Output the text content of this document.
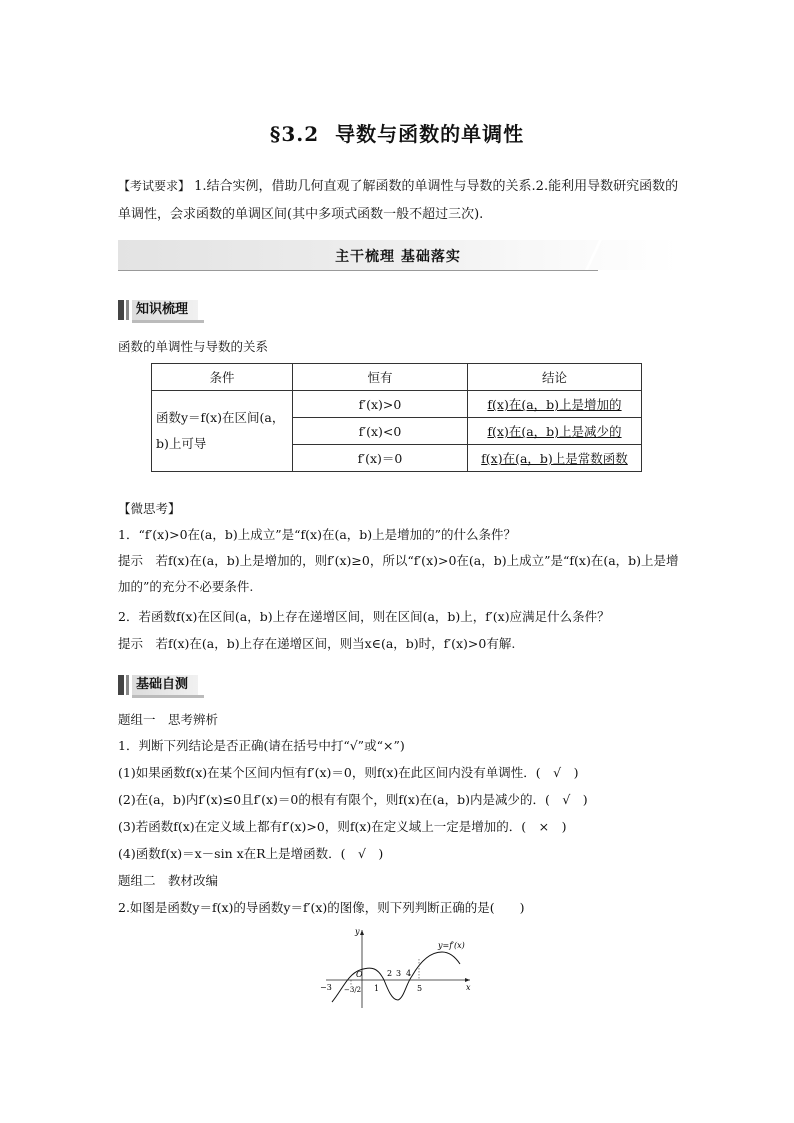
§3.2 导数与函数的单调性
【考试要求】 1.结合实例，借助几何直观了解函数的单调性与导数的关系.2.能利用导数研究函数的单调性，会求函数的单调区间(其中多项式函数一般不超过三次).
主干梳理 基础落实
知识梳理
函数的单调性与导数的关系
条件	恒有	结论
函数y＝f(x)在区间(a，b)上可导	f′(x)>0	f(x)在(a，b)上是增加的
	f′(x)<0	f(x)在(a，b)上是减少的
	f′(x)＝0	f(x)在(a，b)上是常数函数
【微思考】
1．“f′(x)>0在(a，b)上成立”是“f(x)在(a，b)上是增加的”的什么条件？
提示　若f(x)在(a，b)上是增加的，则f′(x)≥0，所以“f′(x)>0在(a，b)上成立”是“f(x)在(a，b)上是增加的”的充分不必要条件.
2．若函数f(x)在区间(a，b)上存在递增区间，则在区间(a，b)上，f′(x)应满足什么条件？
提示　若f(x)在(a，b)上存在递增区间，则当x∈(a，b)时，f′(x)>0有解.
基础自测
题组一　思考辨析
1．判断下列结论是否正确(请在括号中打“√”或“×”)
(1)如果函数f(x)在某个区间内恒有f′(x)＝0，则f(x)在此区间内没有单调性．(　√　)
(2)在(a，b)内f′(x)≤0且f′(x)＝0的根有有限个，则f(x)在(a，b)内是减少的．(　√　)
(3)若函数f(x)在定义域上都有f′(x)>0，则f(x)在定义域上一定是增加的．(　×　)
(4)函数f(x)＝x－sin x在R上是增函数．(　√　)
题组二　教材改编
2.如图是函数y＝f(x)的导函数y＝f′(x)的图像，则下列判断正确的是(　　)
y=f′(x)
x
y
O
−3 −3/2 1
2 3 4
5
